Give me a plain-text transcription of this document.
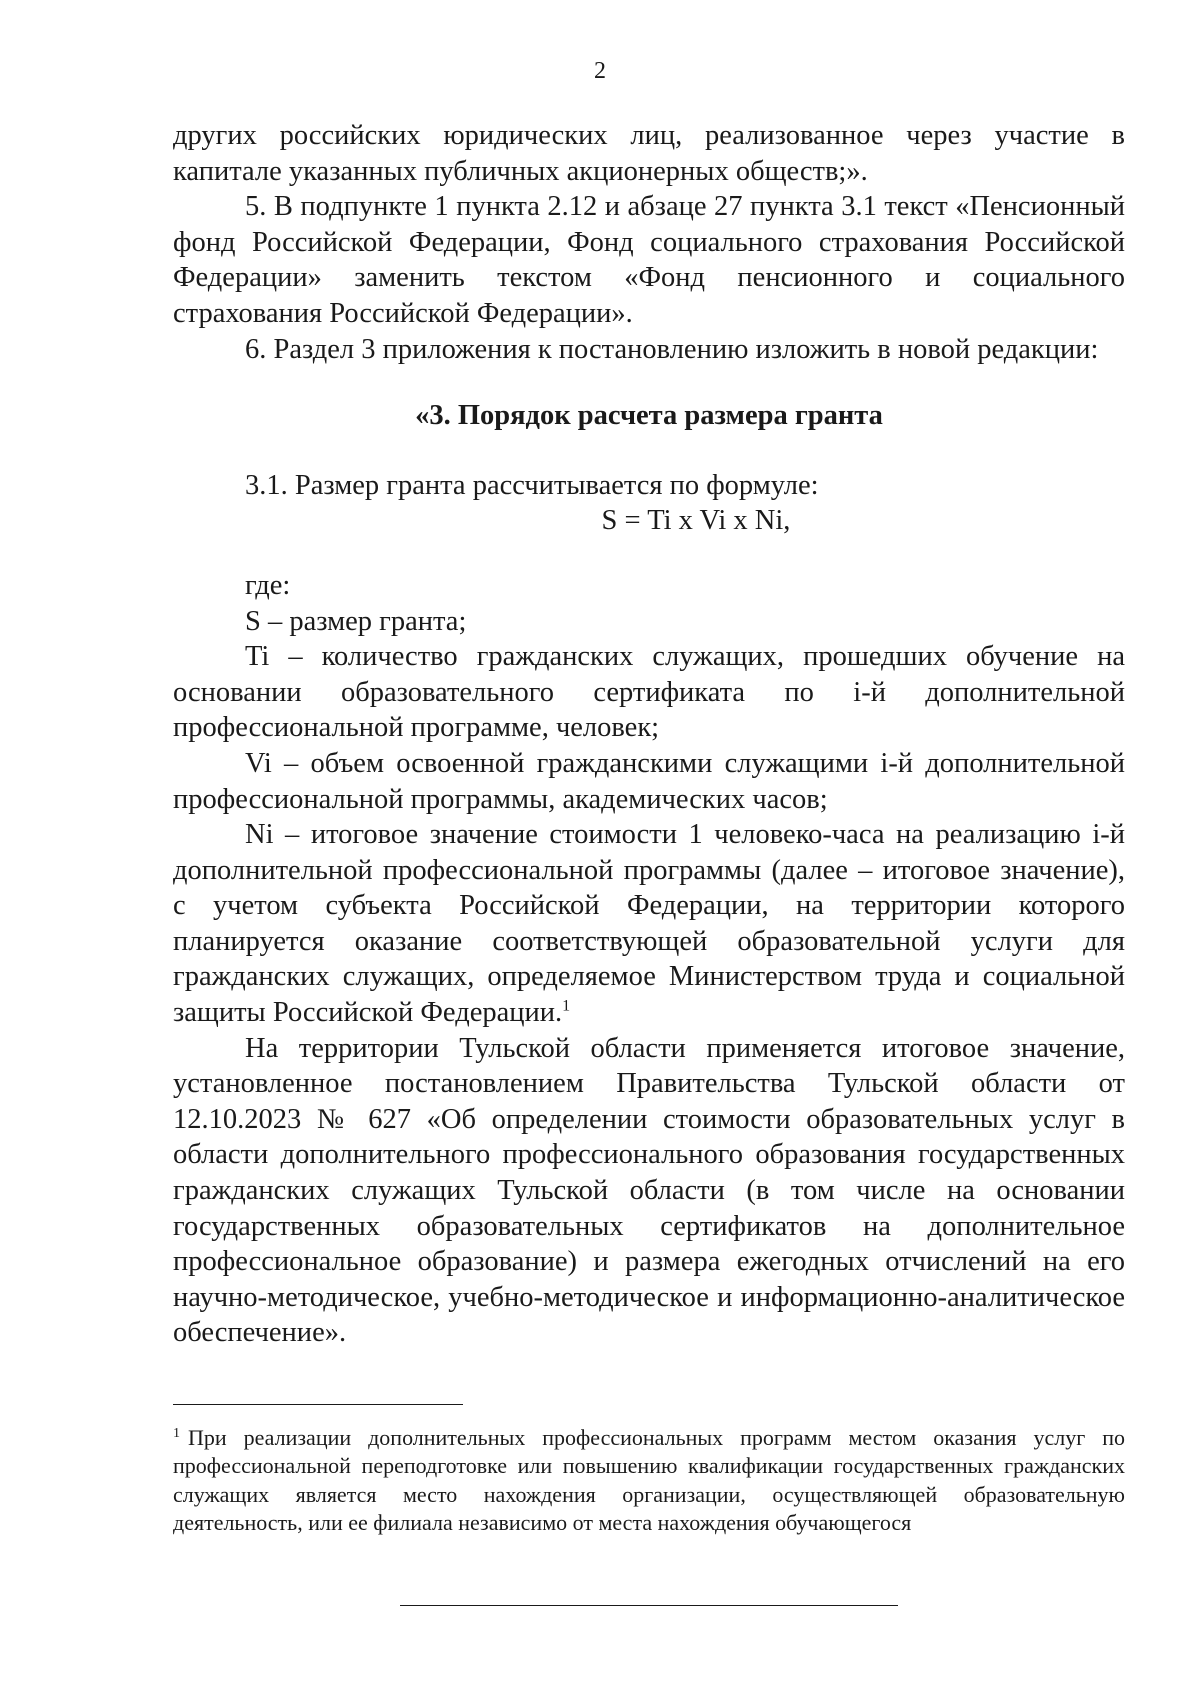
2

других российских юридических лиц, реализованное через участие в капитале указанных публичных акционерных обществ;».

5. В подпункте 1 пункта 2.12 и абзаце 27 пункта 3.1 текст «Пенсионный фонд Российской Федерации, Фонд социального страхования Российской Федерации» заменить текстом «Фонд пенсионного и социального страхования Российской Федерации».

6. Раздел 3 приложения к постановлению изложить в новой редакции:

«3. Порядок расчета размера гранта

3.1. Размер гранта рассчитывается по формуле:

S = Ti x Vi x Ni,

где:

S – размер гранта;

Ti – количество гражданских служащих, прошедших обучение на основании образовательного сертификата по i-й дополнительной профессиональной программе, человек;

Vi – объем освоенной гражданскими служащими i-й дополнительной профессиональной программы, академических часов;

Ni – итоговое значение стоимости 1 человеко-часа на реализацию i-й дополнительной профессиональной программы (далее – итоговое значение), с учетом субъекта Российской Федерации, на территории которого планируется оказание соответствующей образовательной услуги для гражданских служащих, определяемое Министерством труда и социальной защиты Российской Федерации.$^1$

На территории Тульской области применяется итоговое значение, установленное постановлением Правительства Тульской области от 12.10.2023 № 627 «Об определении стоимости образовательных услуг в области дополнительного профессионального образования государственных гражданских служащих Тульской области (в том числе на основании государственных образовательных сертификатов на дополнительное профессиональное образование) и размера ежегодных отчислений на его научно-методическое, учебно-методическое и информационно-аналитическое обеспечение».

$^1$ При реализации дополнительных профессиональных программ местом оказания услуг по профессиональной переподготовке или повышению квалификации государственных гражданских служащих является место нахождения организации, осуществляющей образовательную деятельность, или ее филиала независимо от места нахождения обучающегося
